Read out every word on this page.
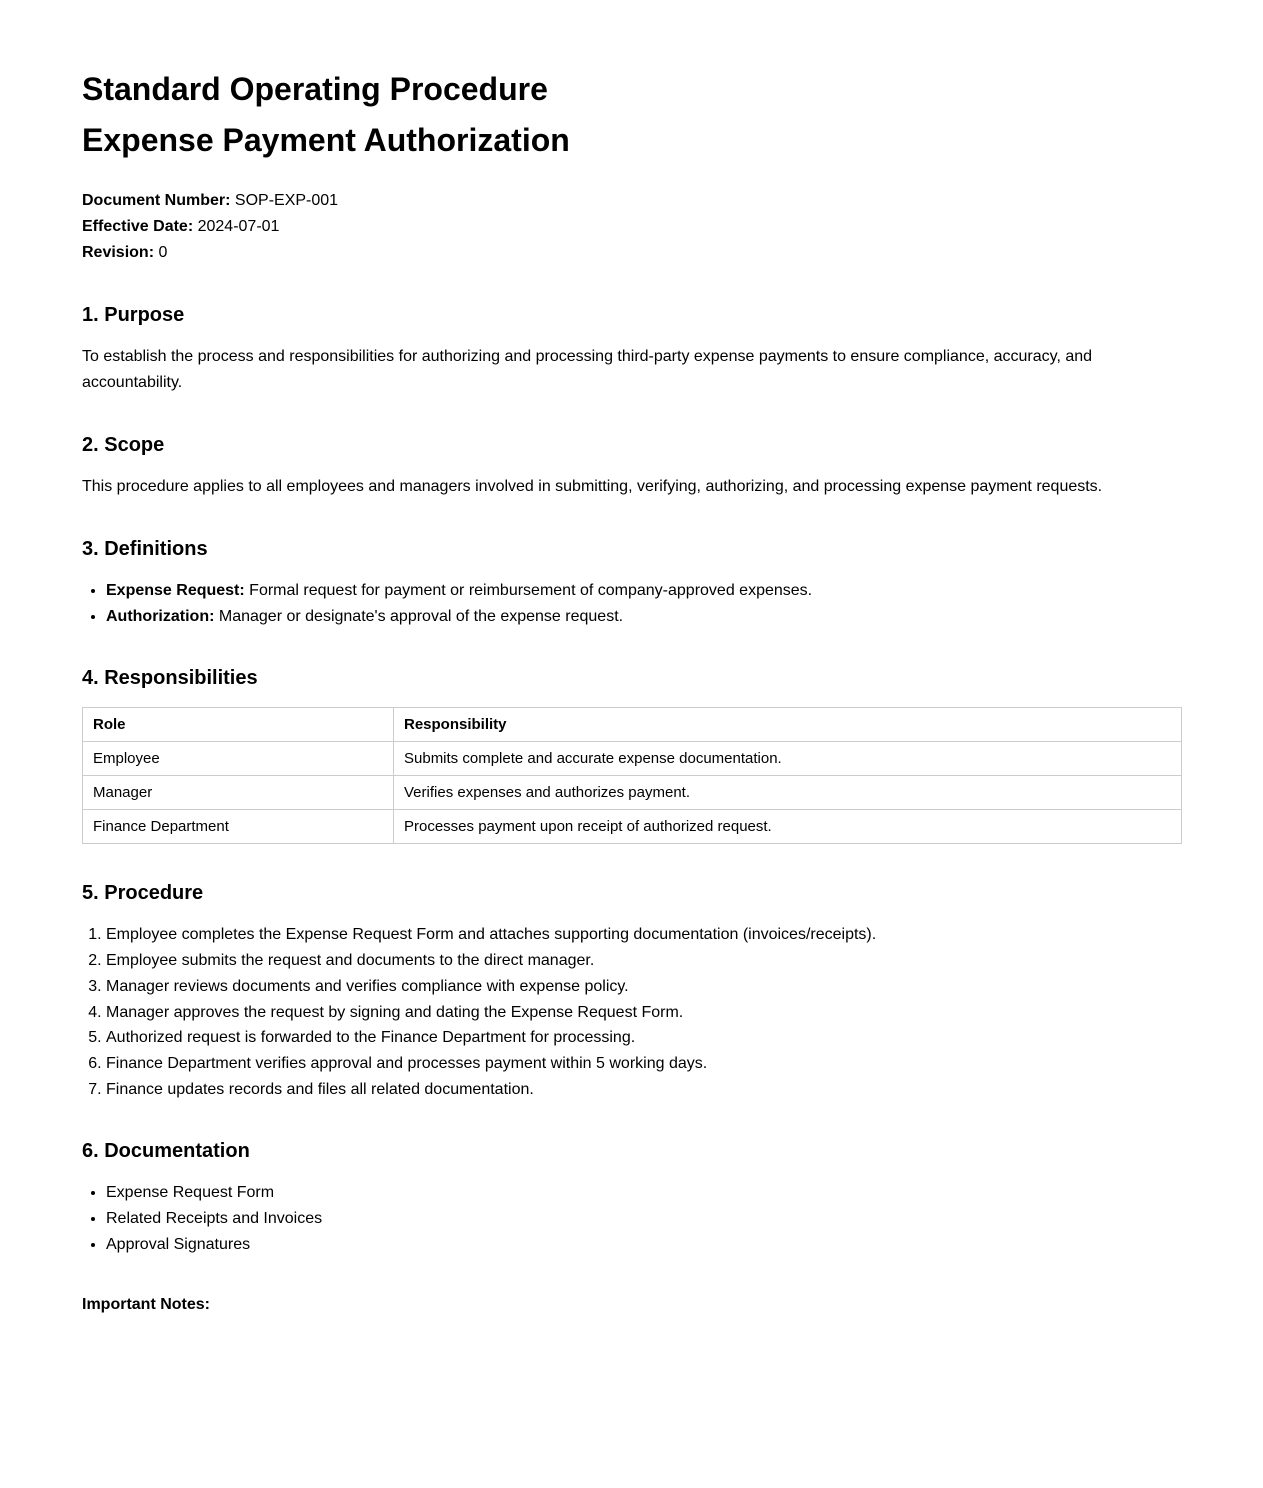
Standard Operating Procedure
Expense Payment Authorization
Document Number: SOP-EXP-001
Effective Date: 2024-07-01
Revision: 0
1. Purpose

To establish the process and responsibilities for authorizing and processing third-party expense payments to ensure compliance, accuracy, and accountability.

2. Scope

This procedure applies to all employees and managers involved in submitting, verifying, authorizing, and processing expense payment requests.

3. Definitions
• Expense Request: Formal request for payment or reimbursement of company-approved expenses.
• Authorization: Manager or designate's approval of the expense request.
4. Responsibilities
Role	Responsibility
Employee	Submits complete and accurate expense documentation.
Manager	Verifies expenses and authorizes payment.
Finance Department	Processes payment upon receipt of authorized request.
5. Procedure
1. Employee completes the Expense Request Form and attaches supporting documentation (invoices/receipts).
2. Employee submits the request and documents to the direct manager.
3. Manager reviews documents and verifies compliance with expense policy.
4. Manager approves the request by signing and dating the Expense Request Form.
5. Authorized request is forwarded to the Finance Department for processing.
6. Finance Department verifies approval and processes payment within 5 working days.
7. Finance updates records and files all related documentation.
6. Documentation
• Expense Request Form
• Related Receipts and Invoices
• Approval Signatures
Important Notes:
